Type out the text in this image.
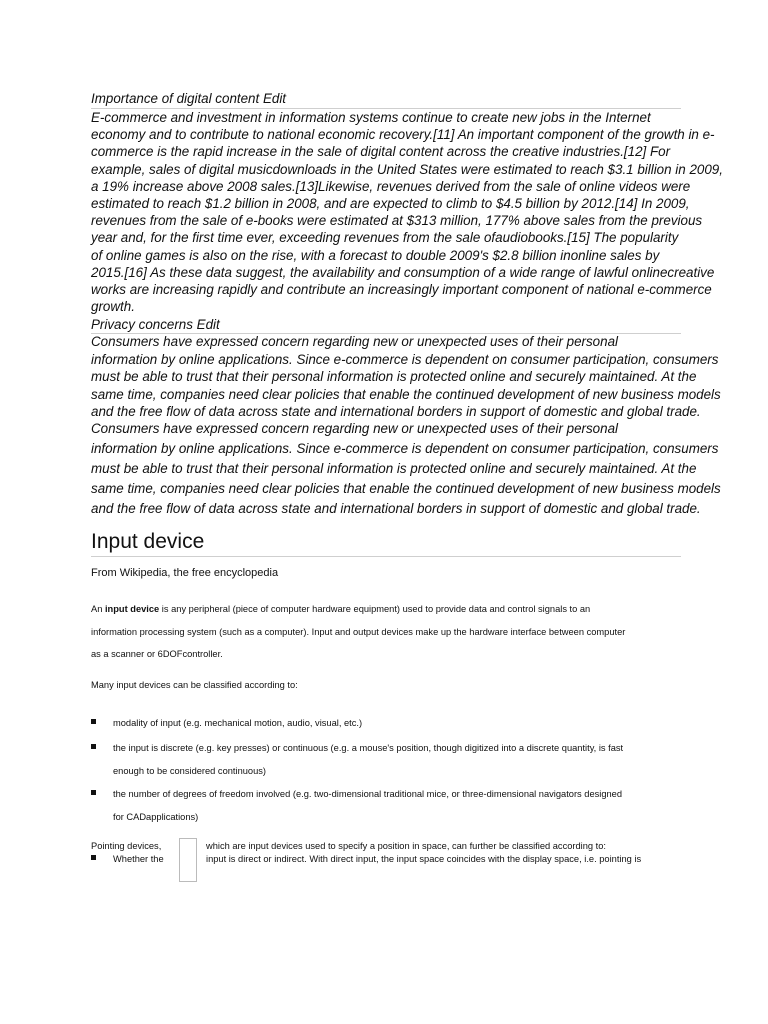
Importance of digital content Edit
E-commerce and investment in information systems continue to create new jobs in the Internet
economy and to contribute to national economic recovery.[11] An important component of the growth in e-
commerce is the rapid increase in the sale of digital content across the creative industries.[12] For
example, sales of digital musicdownloads in the United States were estimated to reach $3.1 billion in 2009,
a 19% increase above 2008 sales.[13]Likewise, revenues derived from the sale of online videos were
estimated to reach $1.2 billion in 2008, and are expected to climb to $4.5 billion by 2012.[14] In 2009,
revenues from the sale of e-books were estimated at $313 million, 177% above sales from the previous
year and, for the first time ever, exceeding revenues from the sale ofaudiobooks.[15] The popularity
of online games is also on the rise, with a forecast to double 2009's $2.8 billion inonline sales by
2015.[16] As these data suggest, the availability and consumption of a wide range of lawful onlinecreative
works are increasing rapidly and contribute an increasingly important component of national e-commerce
growth.
Privacy concerns Edit
Consumers have expressed concern regarding new or unexpected uses of their personal
information by online applications. Since e-commerce is dependent on consumer participation, consumers
must be able to trust that their personal information is protected online and securely maintained. At the
same time, companies need clear policies that enable the continued development of new business models
and the free flow of data across state and international borders in support of domestic and global trade.
Consumers have expressed concern regarding new or unexpected uses of their personal
information by online applications. Since e-commerce is dependent on consumer participation, consumers
must be able to trust that their personal information is protected online and securely maintained. At the
same time, companies need clear policies that enable the continued development of new business models
and the free flow of data across state and international borders in support of domestic and global trade.
Input device
From Wikipedia, the free encyclopedia
An input device is any peripheral (piece of computer hardware equipment) used to provide data and control signals to an
information processing system (such as a computer). Input and output devices make up the hardware interface between computer
as a scanner or 6DOFcontroller.
Many input devices can be classified according to:
modality of input (e.g. mechanical motion, audio, visual, etc.)
the input is discrete (e.g. key presses) or continuous (e.g. a mouse's position, though digitized into a discrete quantity, is fast
enough to be considered continuous)
the number of degrees of freedom involved (e.g. two-dimensional traditional mice, or three-dimensional navigators designed
for CADapplications)
Pointing devices,	which are input devices used to specify a position in space, can further be classified according to:
Whether the	input is direct or indirect. With direct input, the input space coincides with the display space, i.e. pointing is
